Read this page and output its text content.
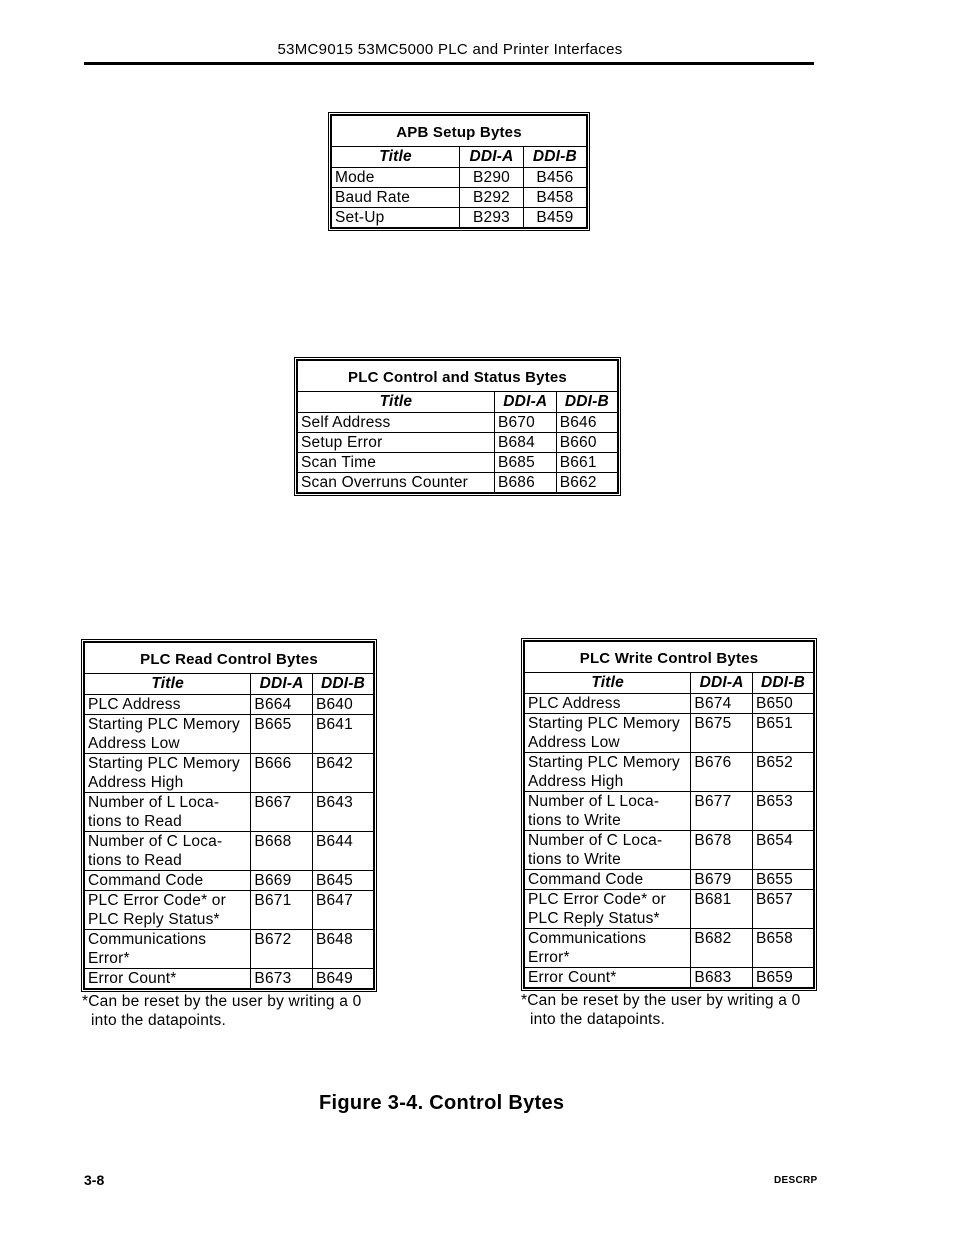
53MC9015 53MC5000 PLC and Printer Interfaces
APB Setup Bytes		
Title	DDI-A	DDI-B
Mode	B290	B456
Baud Rate	B292	B458
Set-Up	B293	B459
PLC Control and Status Bytes		
Title	DDI-A	DDI-B
Self Address	B670	B646
Setup Error	B684	B660
Scan Time	B685	B661
Scan Overruns Counter	B686	B662
PLC Read Control Bytes		
Title	DDI-A	DDI-B

PLC Address	B664	B640

Starting PLC Memory
Address Low	B665	B641

Starting PLC Memory
Address High	B666	B642

Number of L Loca-
tions to Read	B667	B643

Number of C Loca-
tions to Read	B668	B644

Command Code	B669	B645

PLC Error Code* or
PLC Reply Status*	B671	B647

Communications
Error*	B672	B648

Error Count*	B673	B649
*Can be reset by the user by writing a 0
into the datapoints.
PLC Write Control Bytes		
Title	DDI-A	DDI-B

PLC Address	B674	B650

Starting PLC Memory
Address Low	B675	B651

Starting PLC Memory
Address High	B676	B652

Number of L Loca-
tions to Write	B677	B653

Number of C Loca-
tions to Write	B678	B654

Command Code	B679	B655

PLC Error Code* or
PLC Reply Status*	B681	B657

Communications
Error*	B682	B658

Error Count*	B683	B659
*Can be reset by the user by writing a 0
into the datapoints.
Figure 3-4. Control Bytes
3-8	DESCRP
